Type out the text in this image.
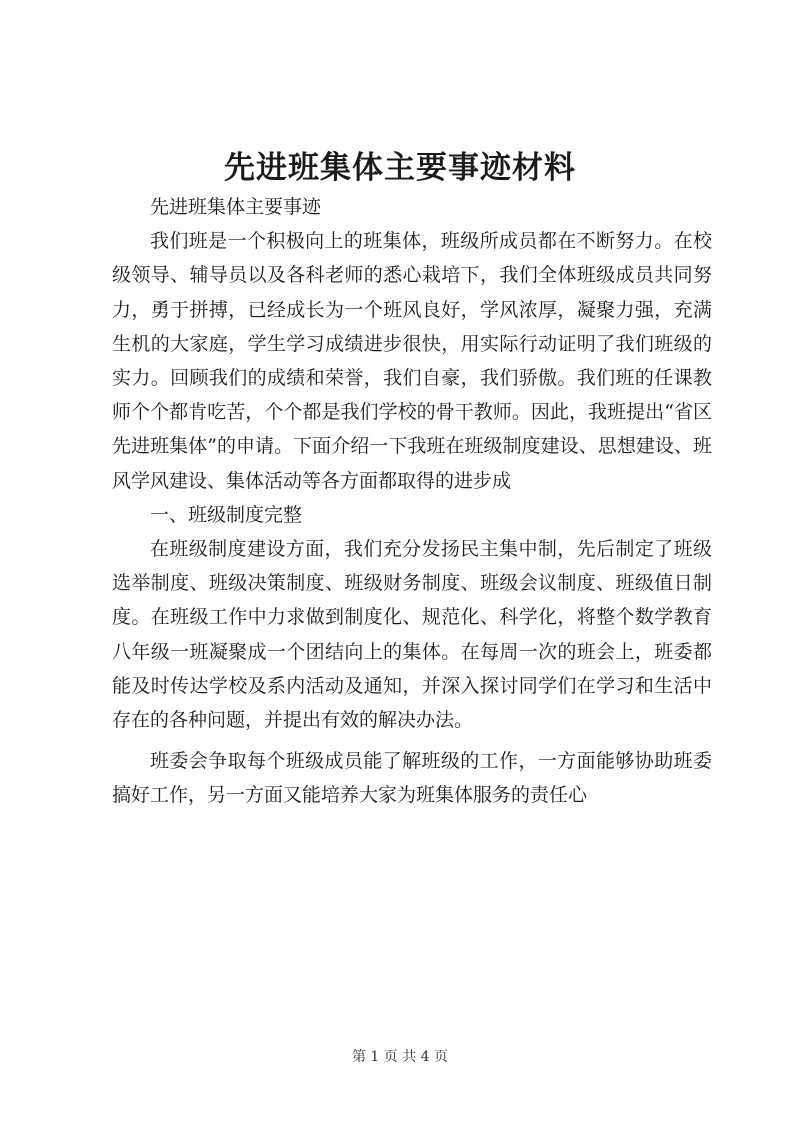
先进班集体主要事迹材料

先进班集体主要事迹

我们班是一个积极向上的班集体，班级所成员都在不断努力。在校级领导、辅导员以及各科老师的悉心栽培下，我们全体班级成员共同努力，勇于拼搏，已经成长为一个班风良好，学风浓厚，凝聚力强，充满生机的大家庭，学生学习成绩进步很快，用实际行动证明了我们班级的实力。回顾我们的成绩和荣誉，我们自豪，我们骄傲。我们班的任课教师个个都肯吃苦，个个都是我们学校的骨干教师。因此，我班提出“省区先进班集体”的申请。下面介绍一下我班在班级制度建设、思想建设、班风学风建设、集体活动等各方面都取得的进步成

一、班级制度完整

在班级制度建设方面，我们充分发扬民主集中制，先后制定了班级选举制度、班级决策制度、班级财务制度、班级会议制度、班级值日制度。在班级工作中力求做到制度化、规范化、科学化，将整个数学教育八年级一班凝聚成一个团结向上的集体。在每周一次的班会上，班委都能及时传达学校及系内活动及通知，并深入探讨同学们在学习和生活中存在的各种问题，并提出有效的解决办法。

班委会争取每个班级成员能了解班级的工作，一方面能够协助班委搞好工作，另一方面又能培养大家为班集体服务的责任心

第 1 页 共 4 页
